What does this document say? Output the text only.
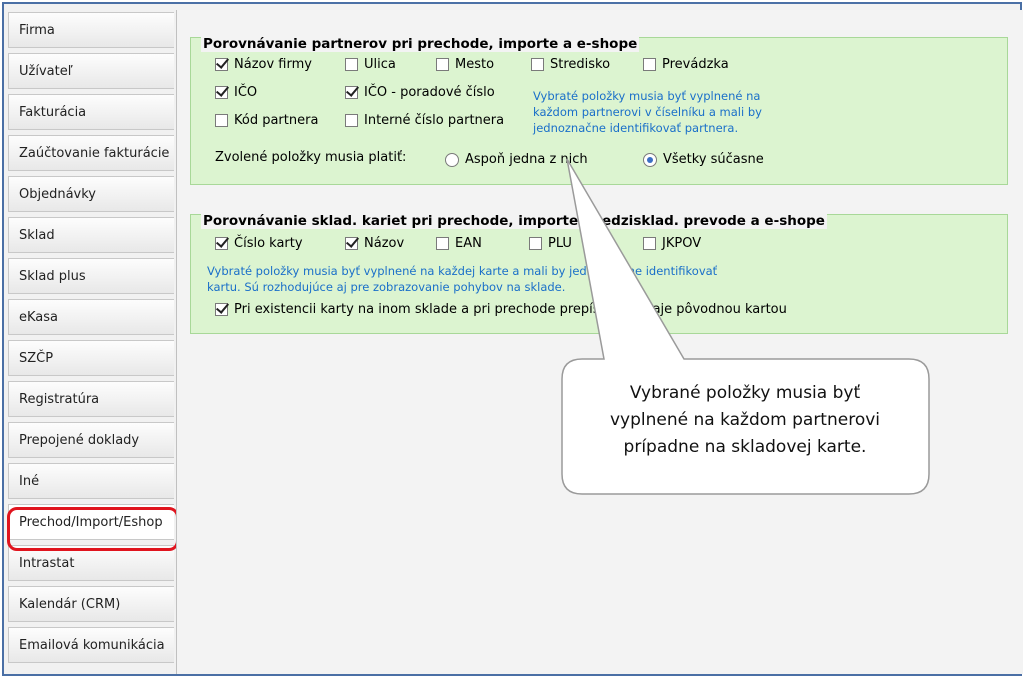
Firma
Užívateľ
Fakturácia
Zaúčtovanie fakturácie
Objednávky
Sklad
Sklad plus
eKasa
SZČP
Registratúra
Prepojené doklady
Iné
Prechod/Import/Eshop
Intrastat
Kalendár (CRM)
Emailová komunikácia
Porovnávanie partnerov pri prechode, importe a e-shope
Názov firmy	Ulica	Mesto	Stredisko	Prevádzka
IČO	IČO - poradové číslo
Kód partnera	Interné číslo partnera
Vybraté položky musia byť vyplnené na
každom partnerovi v číselníku a mali by
jednoznačne identifikovať partnera.
Zvolené položky musia platiť:	Aspoň jedna z nich	Všetky súčasne
Porovnávanie sklad. kariet pri prechode, importe, medzisklad. prevode a e-shope
Číslo karty	Názov	EAN	PLU	JKPOV
Vybraté položky musia byť vyplnené na každej karte a mali by jednoznačne identifikovať
kartu. Sú rozhodujúce aj pre zobrazovanie pohybov na sklade.
Pri existencii karty na inom sklade a pri prechode prepísať jej údaje pôvodnou kartou
Vybrané položky musia byť
vyplnené na každom partnerovi
prípadne na skladovej karte.
